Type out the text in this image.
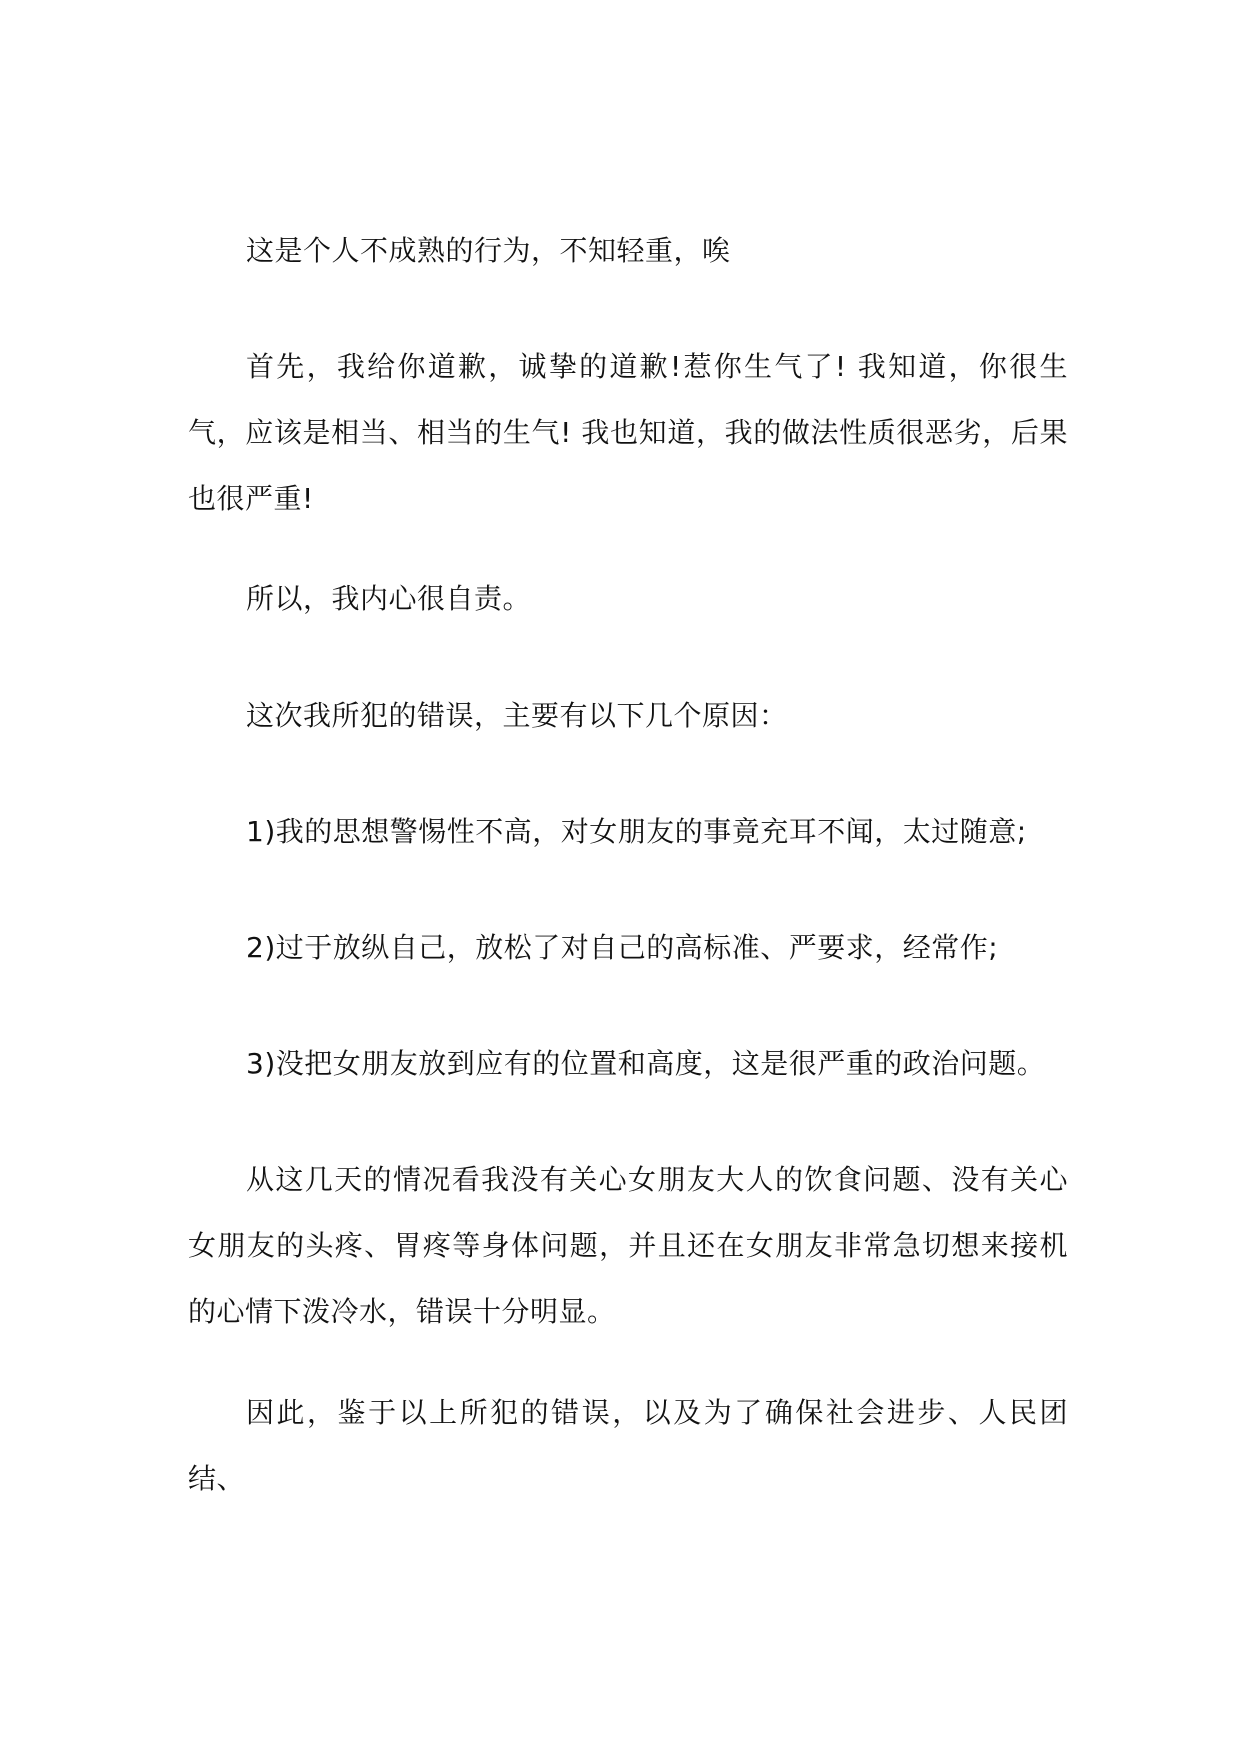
这是个人不成熟的行为，不知轻重，唉

首先，我给你道歉，诚挚的道歉!惹你生气了! 我知道，你很生气，应该是相当、相当的生气! 我也知道，我的做法性质很恶劣，后果也很严重!

所以，我内心很自责。

这次我所犯的错误，主要有以下几个原因：

1)我的思想警惕性不高，对女朋友的事竟充耳不闻，太过随意;

2)过于放纵自己，放松了对自己的高标准、严要求，经常作;

3)没把女朋友放到应有的位置和高度，这是很严重的政治问题。

从这几天的情况看我没有关心女朋友大人的饮食问题、没有关心女朋友的头疼、胃疼等身体问题，并且还在女朋友非常急切想来接机的心情下泼冷水，错误十分明显。

因此，鉴于以上所犯的错误，以及为了确保社会进步、人民团结、
